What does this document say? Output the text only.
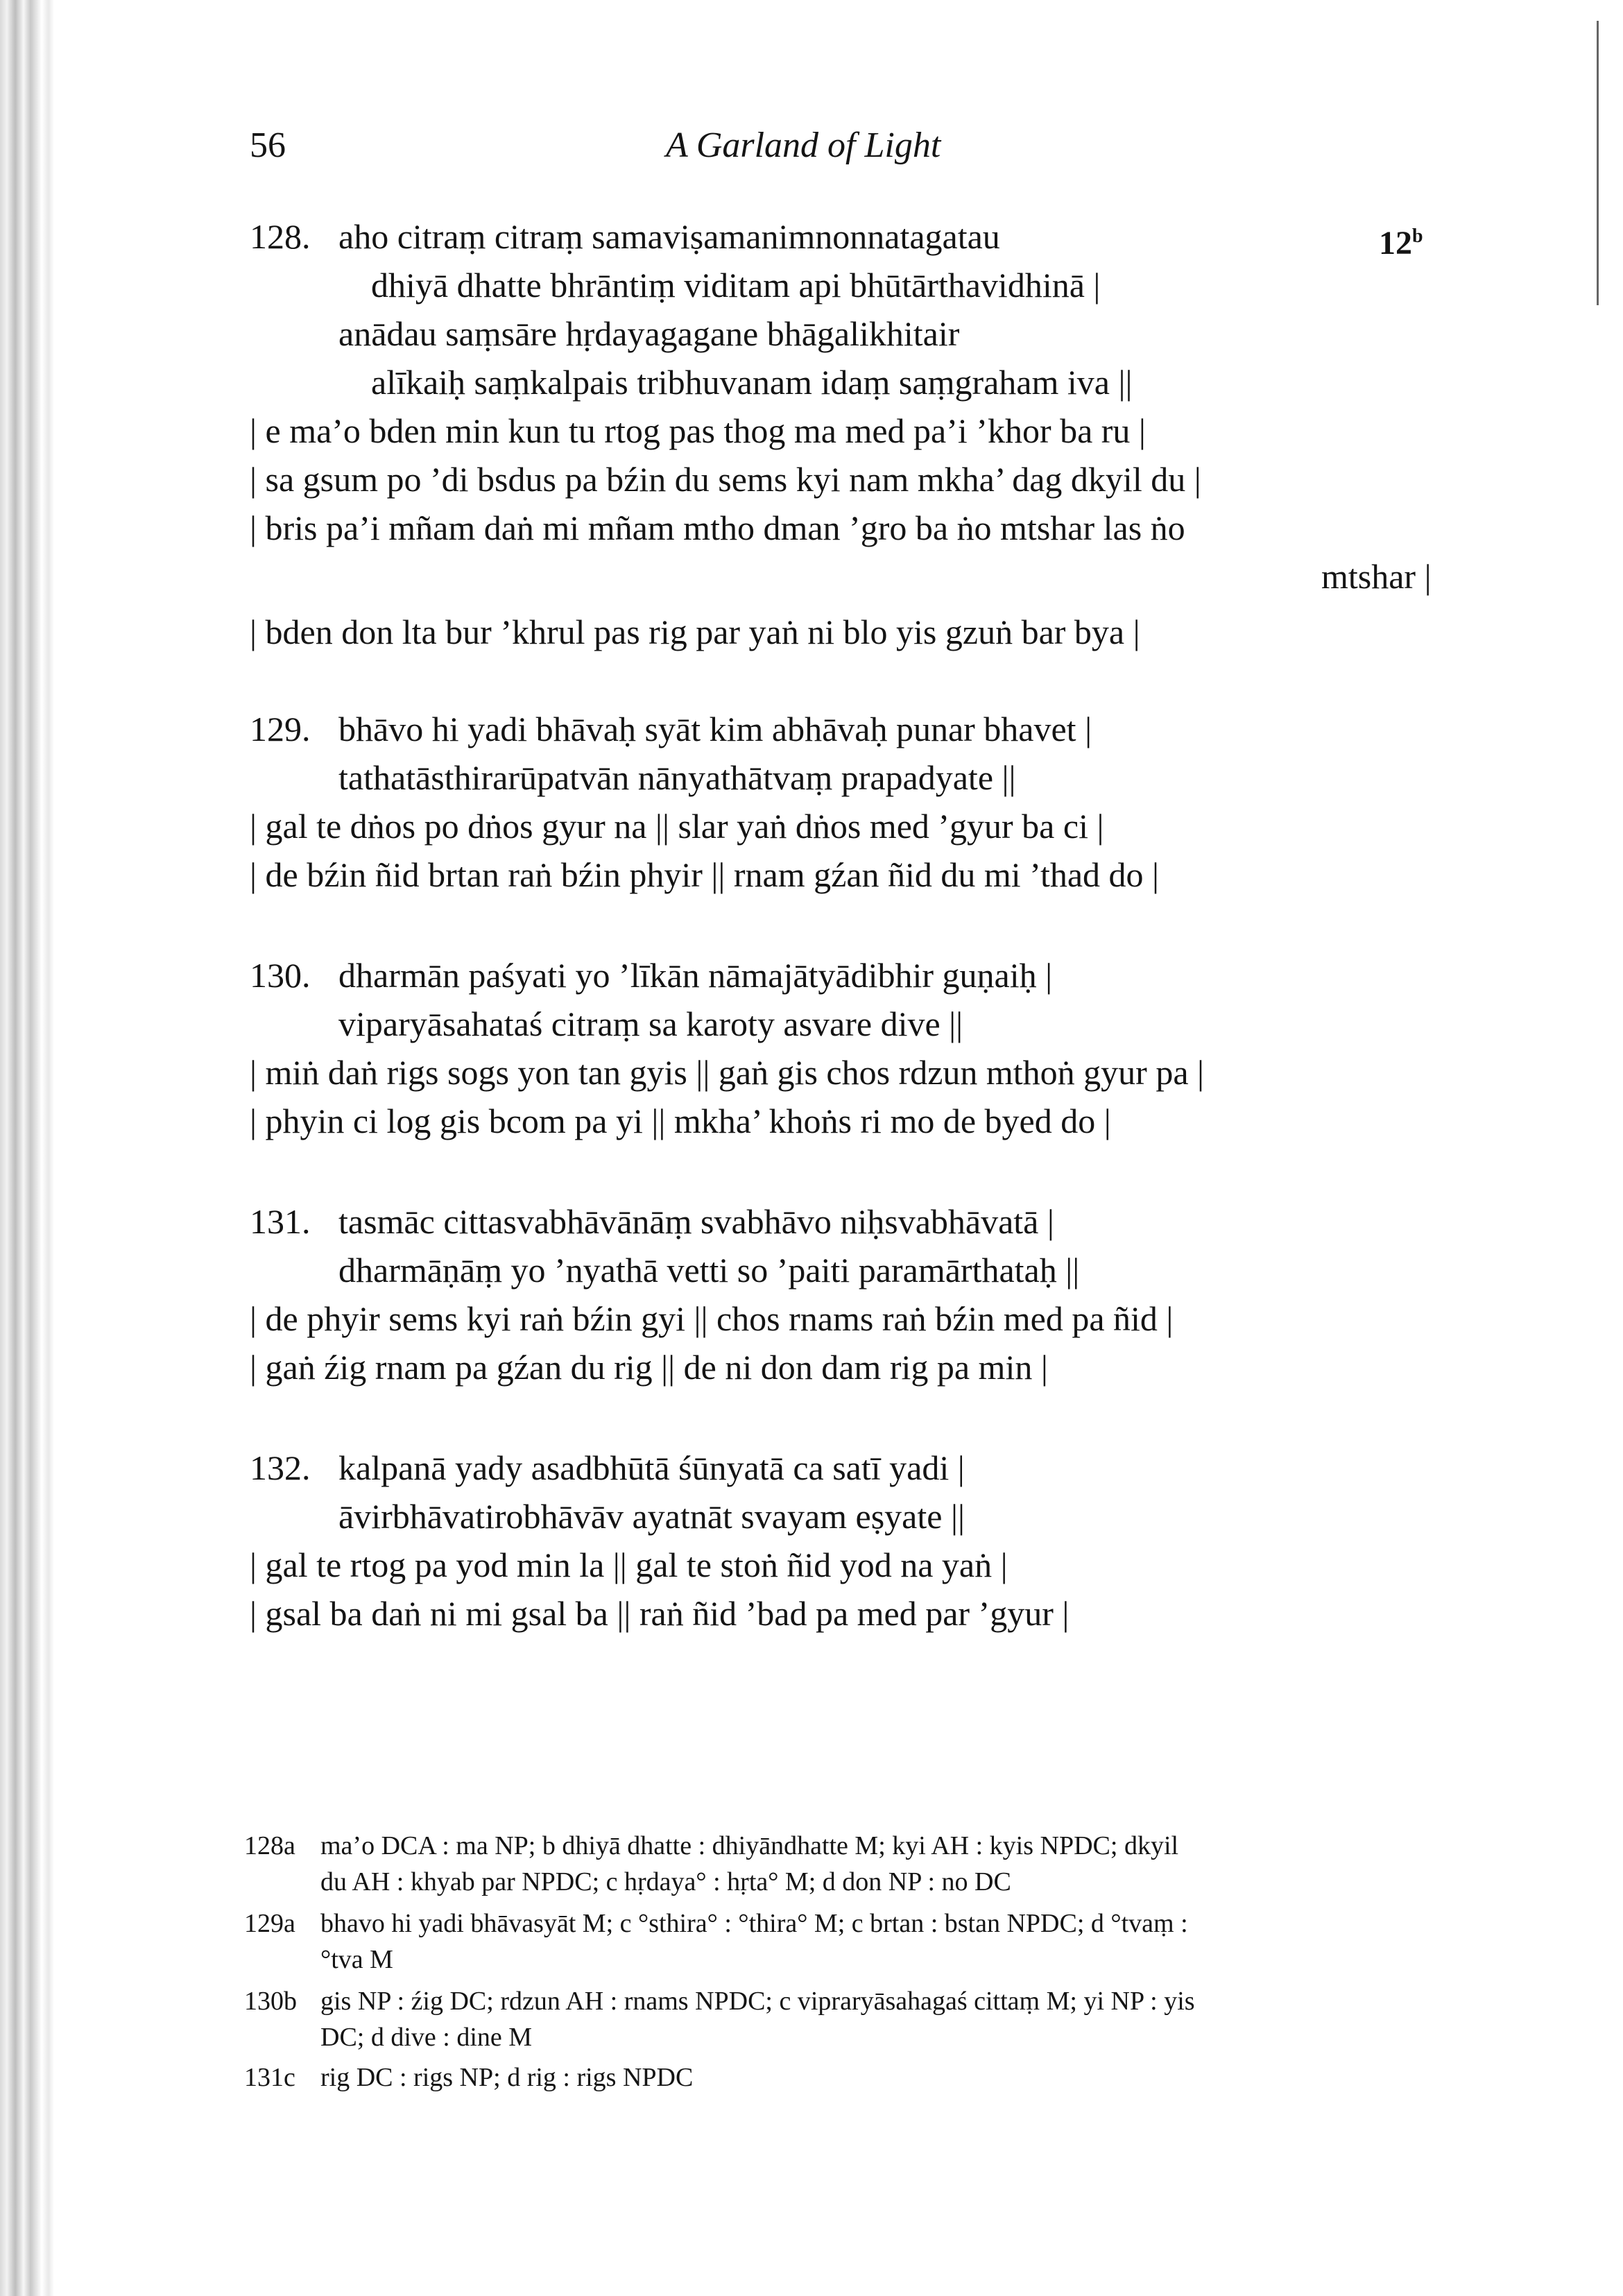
56	A Garland of Light
12$^b$
128. aho citraṃ citraṃ samaviṣamanimnonnatagatau
dhiyā dhatte bhrāntiṃ viditam api bhūtārthavidhinā |
anādau saṃsāre hṛdayagagane bhāgalikhitair
alīkaiḥ saṃkalpais tribhuvanam idaṃ saṃgraham iva ||
| e ma’o bden min kun tu rtog pas thog ma med pa’i ’khor ba ru |
| sa gsum po ’di bsdus pa bźin du sems kyi nam mkha’ dag dkyil du |
| bris pa’i mñam daṅ mi mñam mtho dman ’gro ba ṅo mtshar las ṅo
mtshar |
| bden don lta bur ’khrul pas rig par yaṅ ni blo yis gzuṅ bar bya |
129. bhāvo hi yadi bhāvaḥ syāt kim abhāvaḥ punar bhavet |
tathatāsthirarūpatvān nānyathātvaṃ prapadyate ||
| gal te dṅos po dṅos gyur na || slar yaṅ dṅos med ’gyur ba ci |
| de bźin ñid brtan raṅ bźin phyir || rnam gźan ñid du mi ’thad do |
130. dharmān paśyati yo ’līkān nāmajātyādibhir guṇaiḥ |
viparyāsahataś citraṃ sa karoty asvare dive ||
| miṅ daṅ rigs sogs yon tan gyis || gaṅ gis chos rdzun mthoṅ gyur pa |
| phyin ci log gis bcom pa yi || mkha’ khoṅs ri mo de byed do |
131. tasmāc cittasvabhāvānāṃ svabhāvo niḥsvabhāvatā |
dharmāṇāṃ yo ’nyathā vetti so ’paiti paramārthataḥ ||
| de phyir sems kyi raṅ bźin gyi || chos rnams raṅ bźin med pa ñid |
| gaṅ źig rnam pa gźan du rig || de ni don dam rig pa min |
132. kalpanā yady asadbhūtā śūnyatā ca satī yadi |
āvirbhāvatirobhāvāv ayatnāt svayam eṣyate ||
| gal te rtog pa yod min la || gal te stoṅ ñid yod na yaṅ |
| gsal ba daṅ ni mi gsal ba || raṅ ñid ’bad pa med par ’gyur |
128a ma’o DCA : ma NP; b dhiyā dhatte : dhiyāndhatte M; kyi AH : kyis NPDC; dkyil
du AH : khyab par NPDC; c hṛdaya° : hṛta° M; d don NP : no DC
129a bhavo hi yadi bhāvasyāt M; c °sthira° : °thira° M; c brtan : bstan NPDC; d °tvaṃ :
°tva M
130b gis NP : źig DC; rdzun AH : rnams NPDC; c vipraryāsahagaś cittaṃ M; yi NP : yis
DC; d dive : dine M
131c rig DC : rigs NP; d rig : rigs NPDC
